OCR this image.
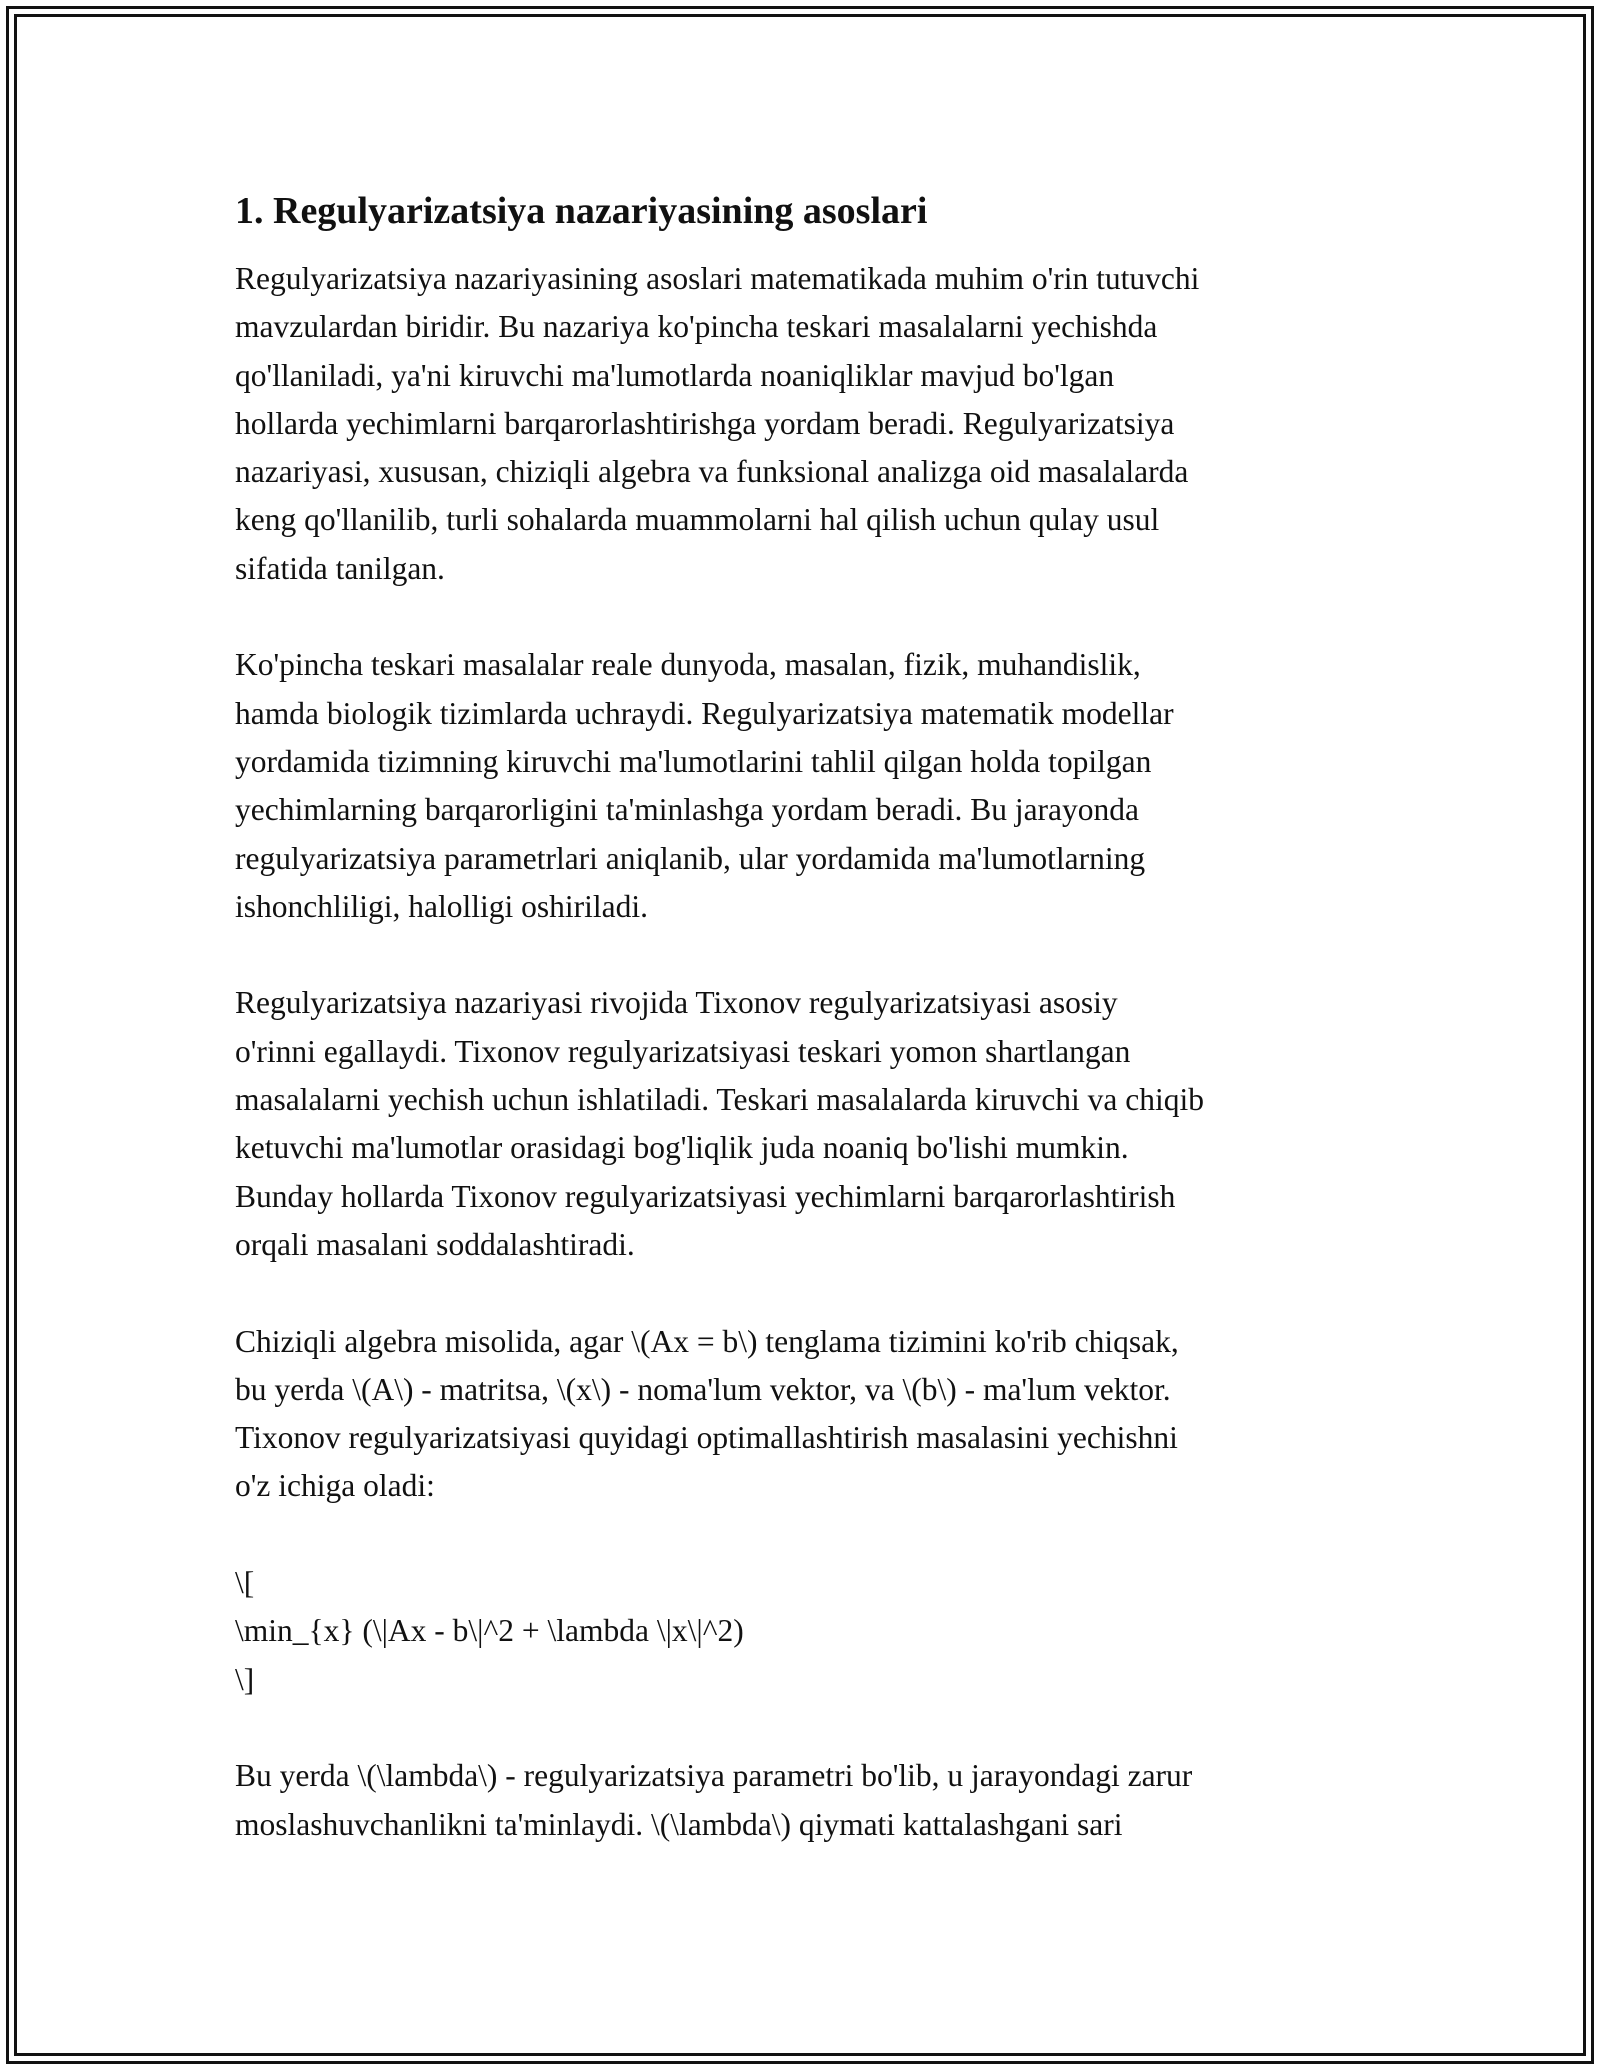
1. Regulyarizatsiya nazariyasining asoslari

Regulyarizatsiya nazariyasining asoslari matematikada muhim o'rin tutuvchi
mavzulardan biridir. Bu nazariya ko'pincha teskari masalalarni yechishda
qo'llaniladi, ya'ni kiruvchi ma'lumotlarda noaniqliklar mavjud bo'lgan
hollarda yechimlarni barqarorlashtirishga yordam beradi. Regulyarizatsiya
nazariyasi, xususan, chiziqli algebra va funksional analizga oid masalalarda
keng qo'llanilib, turli sohalarda muammolarni hal qilish uchun qulay usul
sifatida tanilgan.

Ko'pincha teskari masalalar reale dunyoda, masalan, fizik, muhandislik,
hamda biologik tizimlarda uchraydi. Regulyarizatsiya matematik modellar
yordamida tizimning kiruvchi ma'lumotlarini tahlil qilgan holda topilgan
yechimlarning barqarorligini ta'minlashga yordam beradi. Bu jarayonda
regulyarizatsiya parametrlari aniqlanib, ular yordamida ma'lumotlarning
ishonchliligi, halolligi oshiriladi.

Regulyarizatsiya nazariyasi rivojida Tixonov regulyarizatsiyasi asosiy
o'rinni egallaydi. Tixonov regulyarizatsiyasi teskari yomon shartlangan
masalalarni yechish uchun ishlatiladi. Teskari masalalarda kiruvchi va chiqib
ketuvchi ma'lumotlar orasidagi bog'liqlik juda noaniq bo'lishi mumkin.
Bunday hollarda Tixonov regulyarizatsiyasi yechimlarni barqarorlashtirish
orqali masalani soddalashtiradi.

Chiziqli algebra misolida, agar \(Ax = b\) tenglama tizimini ko'rib chiqsak,
bu yerda \(A\) - matritsa, \(x\) - noma'lum vektor, va \(b\) - ma'lum vektor.
Tixonov regulyarizatsiyasi quyidagi optimallashtirish masalasini yechishni
o'z ichiga oladi:

\[
\min_{x} (\|Ax - b\|^2 + \lambda \|x\|^2)
\]

Bu yerda \(\lambda\) - regulyarizatsiya parametri bo'lib, u jarayondagi zarur
moslashuvchanlikni ta'minlaydi. \(\lambda\) qiymati kattalashgani sari
